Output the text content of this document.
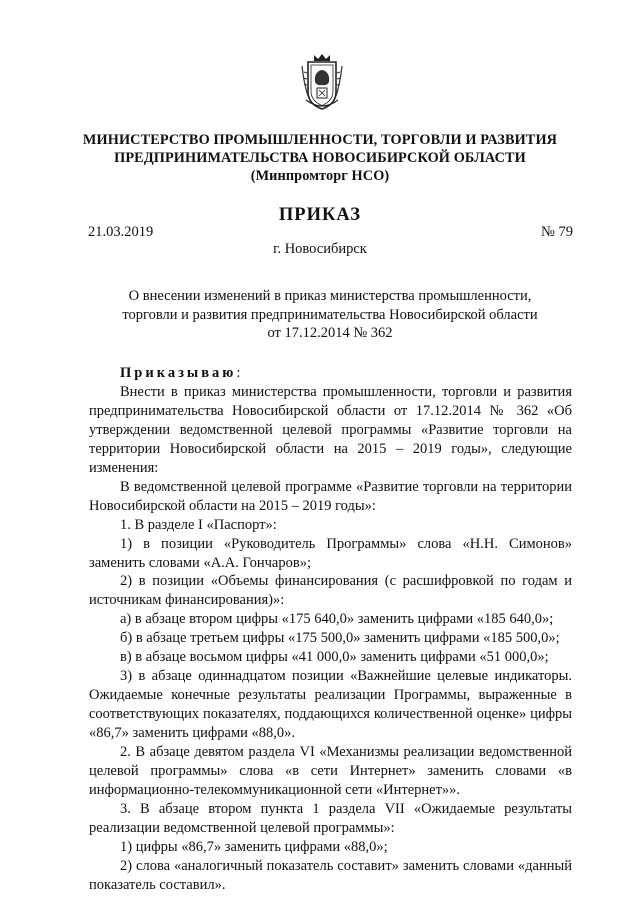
МИНИСТЕРСТВО ПРОМЫШЛЕННОСТИ, ТОРГОВЛИ И РАЗВИТИЯ
ПРЕДПРИНИМАТЕЛЬСТВА НОВОСИБИРСКОЙ ОБЛАСТИ
(Минпромторг НСО)
ПРИКАЗ
21.03.2019	№ 79
г. Новосибирск
О внесении изменений в приказ министерства промышленности,
торговли и развития предпринимательства Новосибирской области
от 17.12.2014 № 362

Приказываю:

Внести в приказ министерства промышленности, торговли и развития предпринимательства Новосибирской области от 17.12.2014 № 362 «Об утверждении ведомственной целевой программы «Развитие торговли на территории Новосибирской области на 2015 – 2019 годы», следующие изменения:

В ведомственной целевой программе «Развитие торговли на территории Новосибирской области на 2015 – 2019 годы»:

1. В разделе I «Паспорт»:

1) в позиции «Руководитель Программы» слова «Н.Н. Симонов» заменить словами «А.А. Гончаров»;

2) в позиции «Объемы финансирования (с расшифровкой по годам и источникам финансирования)»:

а) в абзаце втором цифры «175 640,0» заменить цифрами «185 640,0»;

б) в абзаце третьем цифры «175 500,0» заменить цифрами «185 500,0»;

в) в абзаце восьмом цифры «41 000,0» заменить цифрами «51 000,0»;

3) в абзаце одиннадцатом позиции «Важнейшие целевые индикаторы. Ожидаемые конечные результаты реализации Программы, выраженные в соответствующих показателях, поддающихся количественной оценке» цифры «86,7» заменить цифрами «88,0».

2. В абзаце девятом раздела VI «Механизмы реализации ведомственной целевой программы» слова «в сети Интернет» заменить словами «в информационно-телекоммуникационной сети «Интернет»».

3. В абзаце втором пункта 1 раздела VII «Ожидаемые результаты реализации ведомственной целевой программы»:

1) цифры «86,7» заменить цифрами «88,0»;

2) слова «аналогичный показатель составит» заменить словами «данный показатель составил».
